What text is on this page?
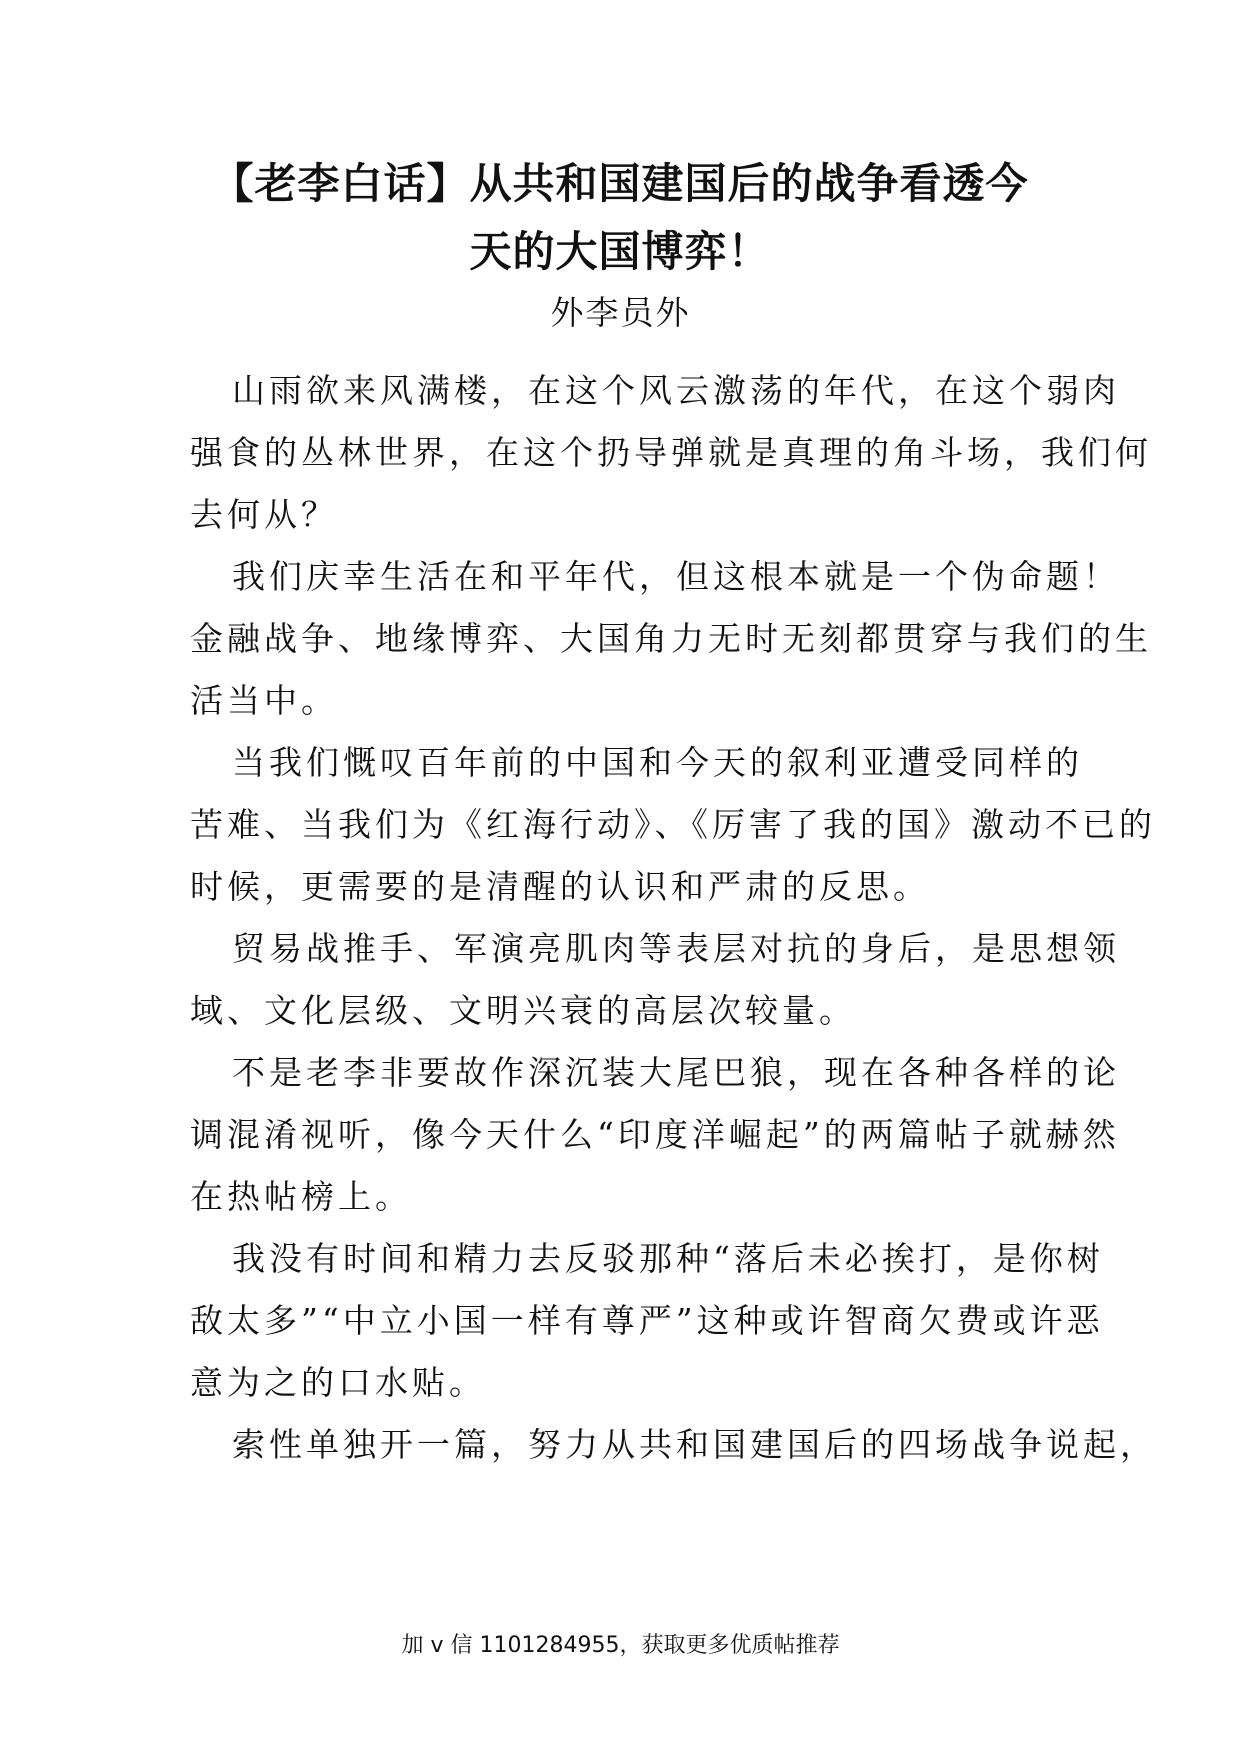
【老李白话】从共和国建国后的战争看透今
天的大国博弈！
外李员外
山雨欲来风满楼，在这个风云激荡的年代，在这个弱肉
强食的丛林世界，在这个扔导弹就是真理的角斗场，我们何
去何从？
我们庆幸生活在和平年代，但这根本就是一个伪命题！
金融战争、地缘博弈、大国角力无时无刻都贯穿与我们的生
活当中。
当我们慨叹百年前的中国和今天的叙利亚遭受同样的
苦难、当我们为《红海行动》、《厉害了我的国》激动不已的
时候，更需要的是清醒的认识和严肃的反思。
贸易战推手、军演亮肌肉等表层对抗的身后，是思想领
域、文化层级、文明兴衰的高层次较量。
不是老李非要故作深沉装大尾巴狼，现在各种各样的论
调混淆视听，像今天什么“印度洋崛起”的两篇帖子就赫然
在热帖榜上。
我没有时间和精力去反驳那种“落后未必挨打，是你树
敌太多”“中立小国一样有尊严”这种或许智商欠费或许恶
意为之的口水贴。
索性单独开一篇，努力从共和国建国后的四场战争说起，
加 v 信 1101284955，获取更多优质帖推荐
